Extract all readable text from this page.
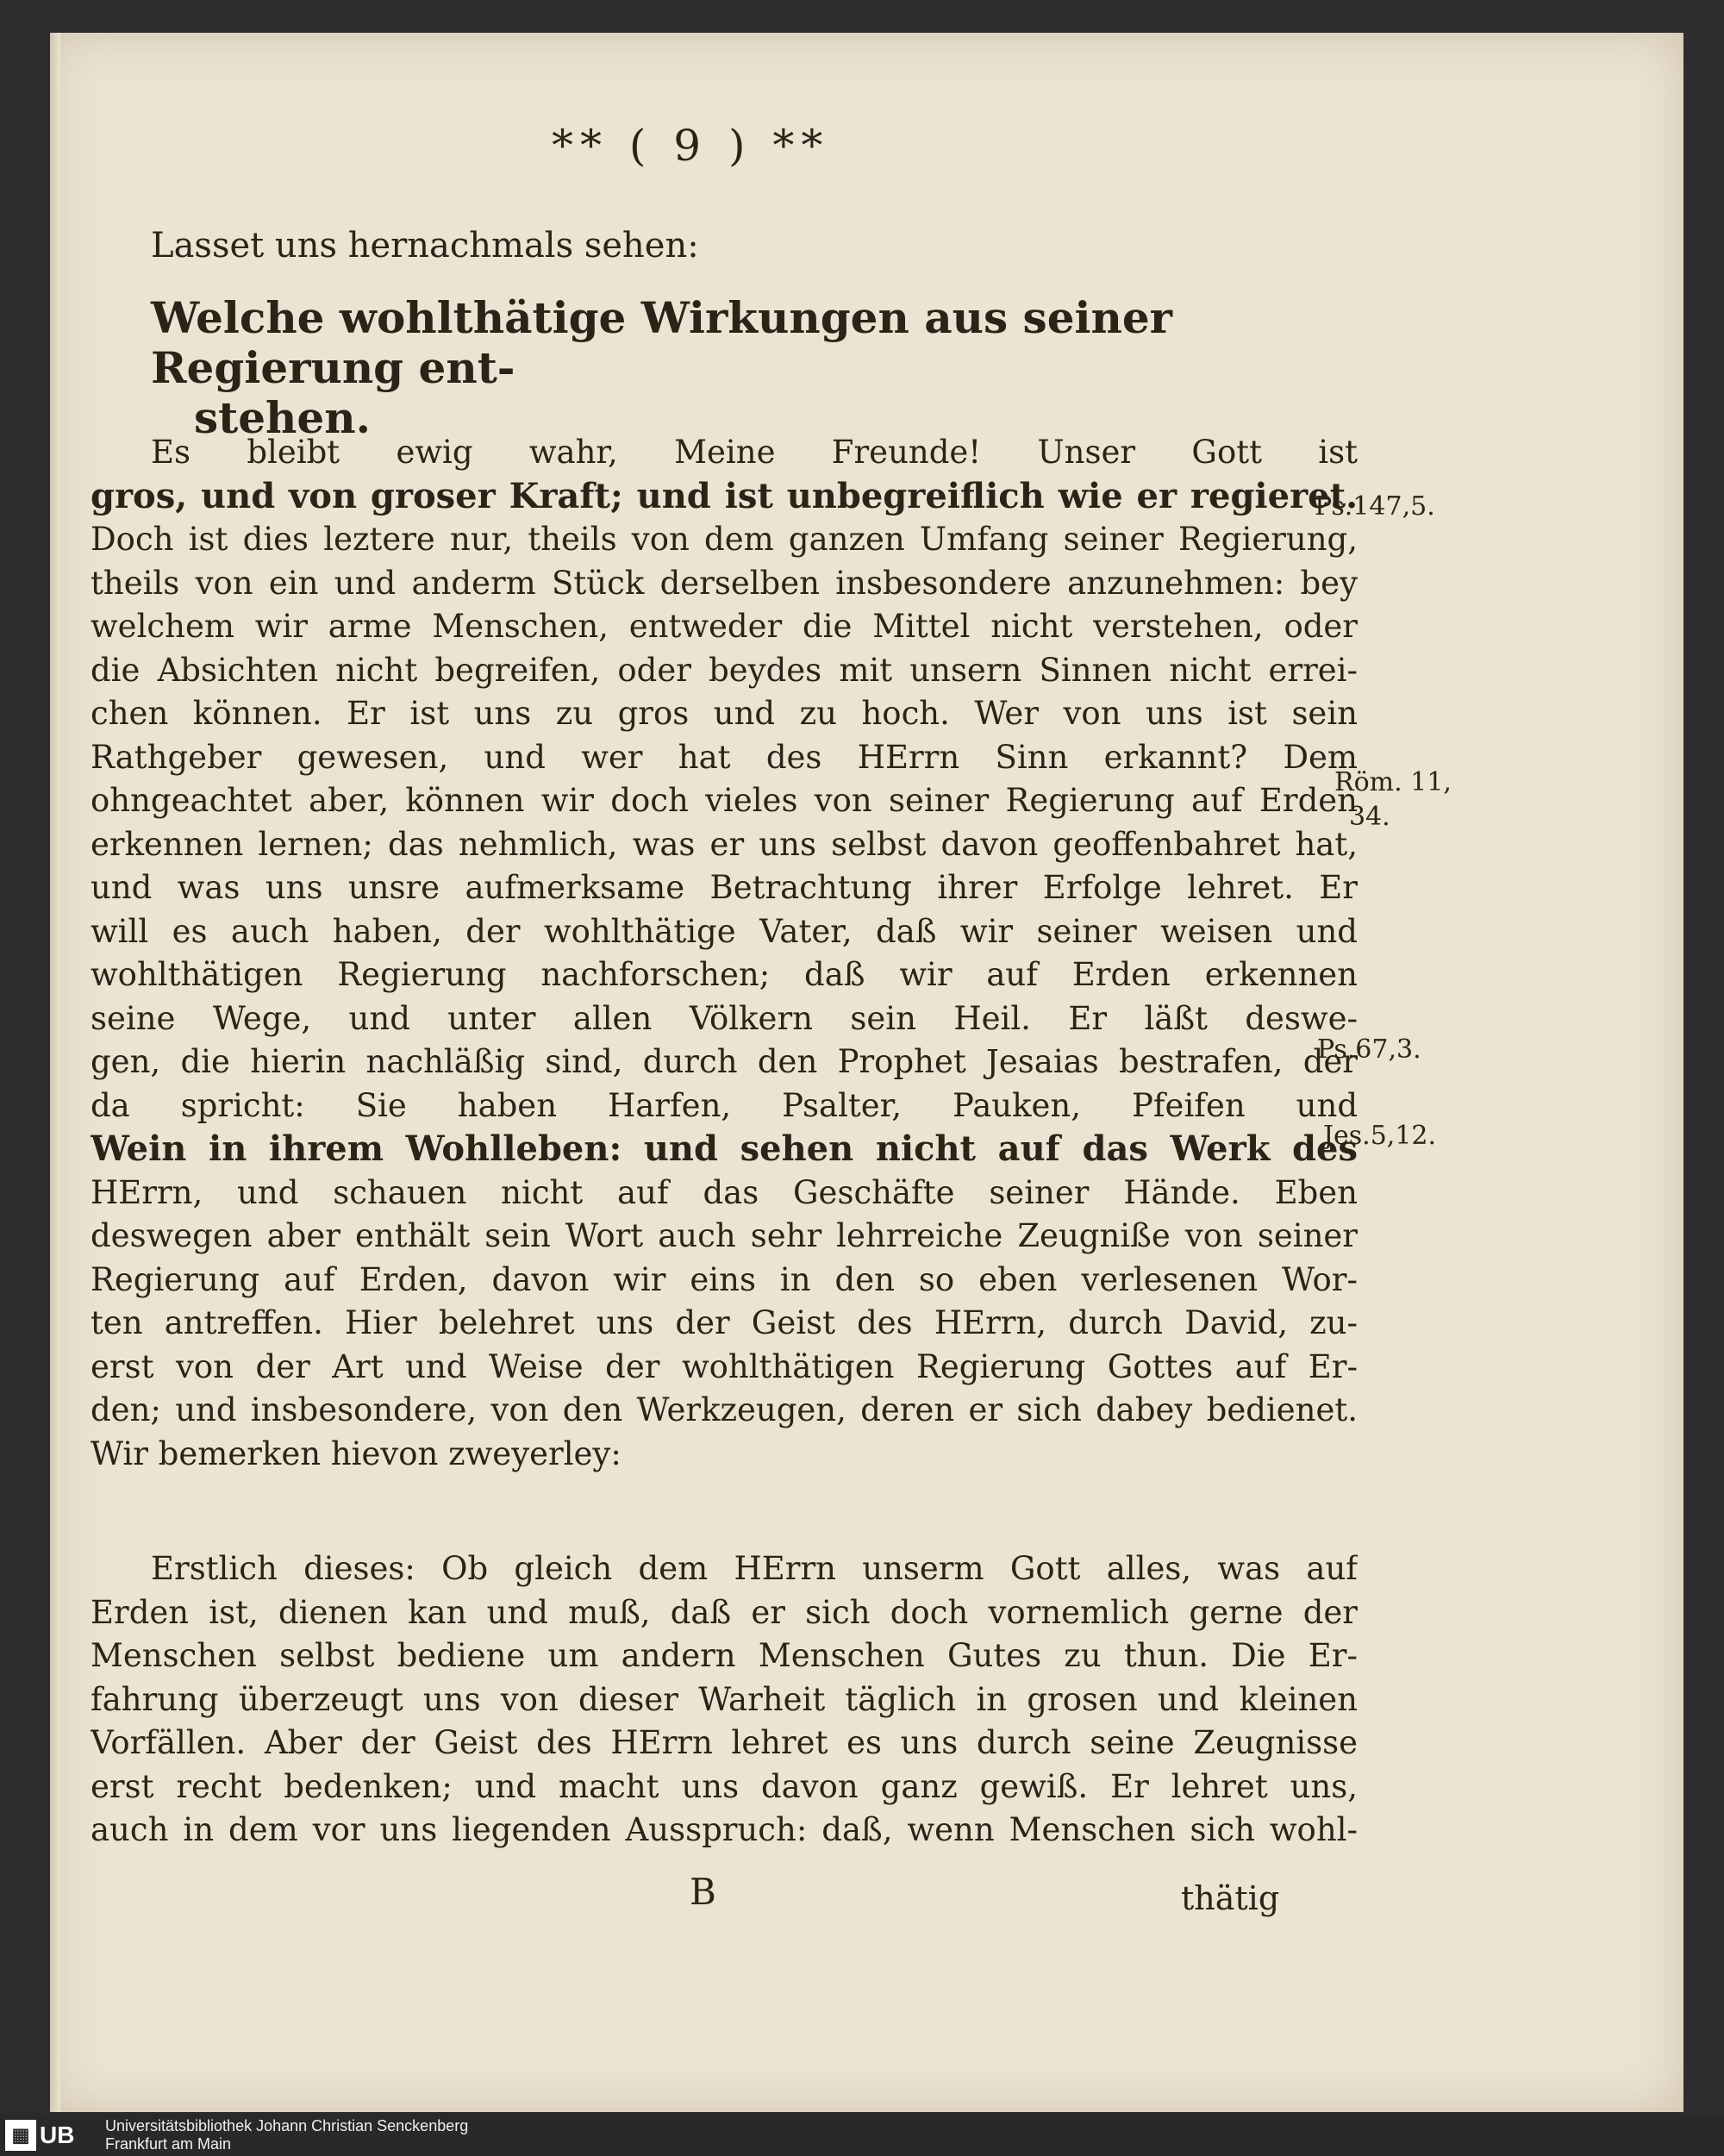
** ( 9 ) **
Lasset uns hernachmals sehen:
Welche wohlthätige Wirkungen aus seiner Regierung ent-
stehen.
Es bleibt ewig wahr, Meine Freunde! Unser Gott ist
gros, und von groser Kraft; und ist unbegreiflich wie er regieret.
Doch ist dies leztere nur, theils von dem ganzen Umfang seiner Regierung,
theils von ein und anderm Stück derselben insbesondere anzunehmen: bey
welchem wir arme Menschen, entweder die Mittel nicht verstehen, oder
die Absichten nicht begreifen, oder beydes mit unsern Sinnen nicht errei-
chen können. Er ist uns zu gros und zu hoch. Wer von uns ist sein
Rathgeber gewesen, und wer hat des HErrn Sinn erkannt? Dem
ohngeachtet aber, können wir doch vieles von seiner Regierung auf Erden
erkennen lernen; das nehmlich, was er uns selbst davon geoffenbahret hat,
und was uns unsre aufmerksame Betrachtung ihrer Erfolge lehret. Er
will es auch haben, der wohlthätige Vater, daß wir seiner weisen und
wohlthätigen Regierung nachforschen; daß wir auf Erden erkennen
seine Wege, und unter allen Völkern sein Heil. Er läßt deswe-
gen, die hierin nachläßig sind, durch den Prophet Jesaias bestrafen, der
da spricht: Sie haben Harfen, Psalter, Pauken, Pfeifen und
Wein in ihrem Wohlleben: und sehen nicht auf das Werk des
HErrn, und schauen nicht auf das Geschäfte seiner Hände. Eben
deswegen aber enthält sein Wort auch sehr lehrreiche Zeugniße von seiner
Regierung auf Erden, davon wir eins in den so eben verlesenen Wor-
ten antreffen. Hier belehret uns der Geist des HErrn, durch David, zu-
erst von der Art und Weise der wohlthätigen Regierung Gottes auf Er-
den; und insbesondere, von den Werkzeugen, deren er sich dabey bedienet.
Wir bemerken hievon zweyerley:
Erstlich dieses: Ob gleich dem HErrn unserm Gott alles, was auf
Erden ist, dienen kan und muß, daß er sich doch vornemlich gerne der
Menschen selbst bediene um andern Menschen Gutes zu thun. Die Er-
fahrung überzeugt uns von dieser Warheit täglich in grosen und kleinen
Vorfällen. Aber der Geist des HErrn lehret es uns durch seine Zeugnisse
erst recht bedenken; und macht uns davon ganz gewiß. Er lehret uns,
auch in dem vor uns liegenden Ausspruch: daß, wenn Menschen sich wohl-
Ps.147,5.
Röm. 11,
34.
Ps.67,3.
Jes.5,12.
B	thätig
▦ UB Universitätsbibliothek Johann Christian Senckenberg
Frankfurt am Main
